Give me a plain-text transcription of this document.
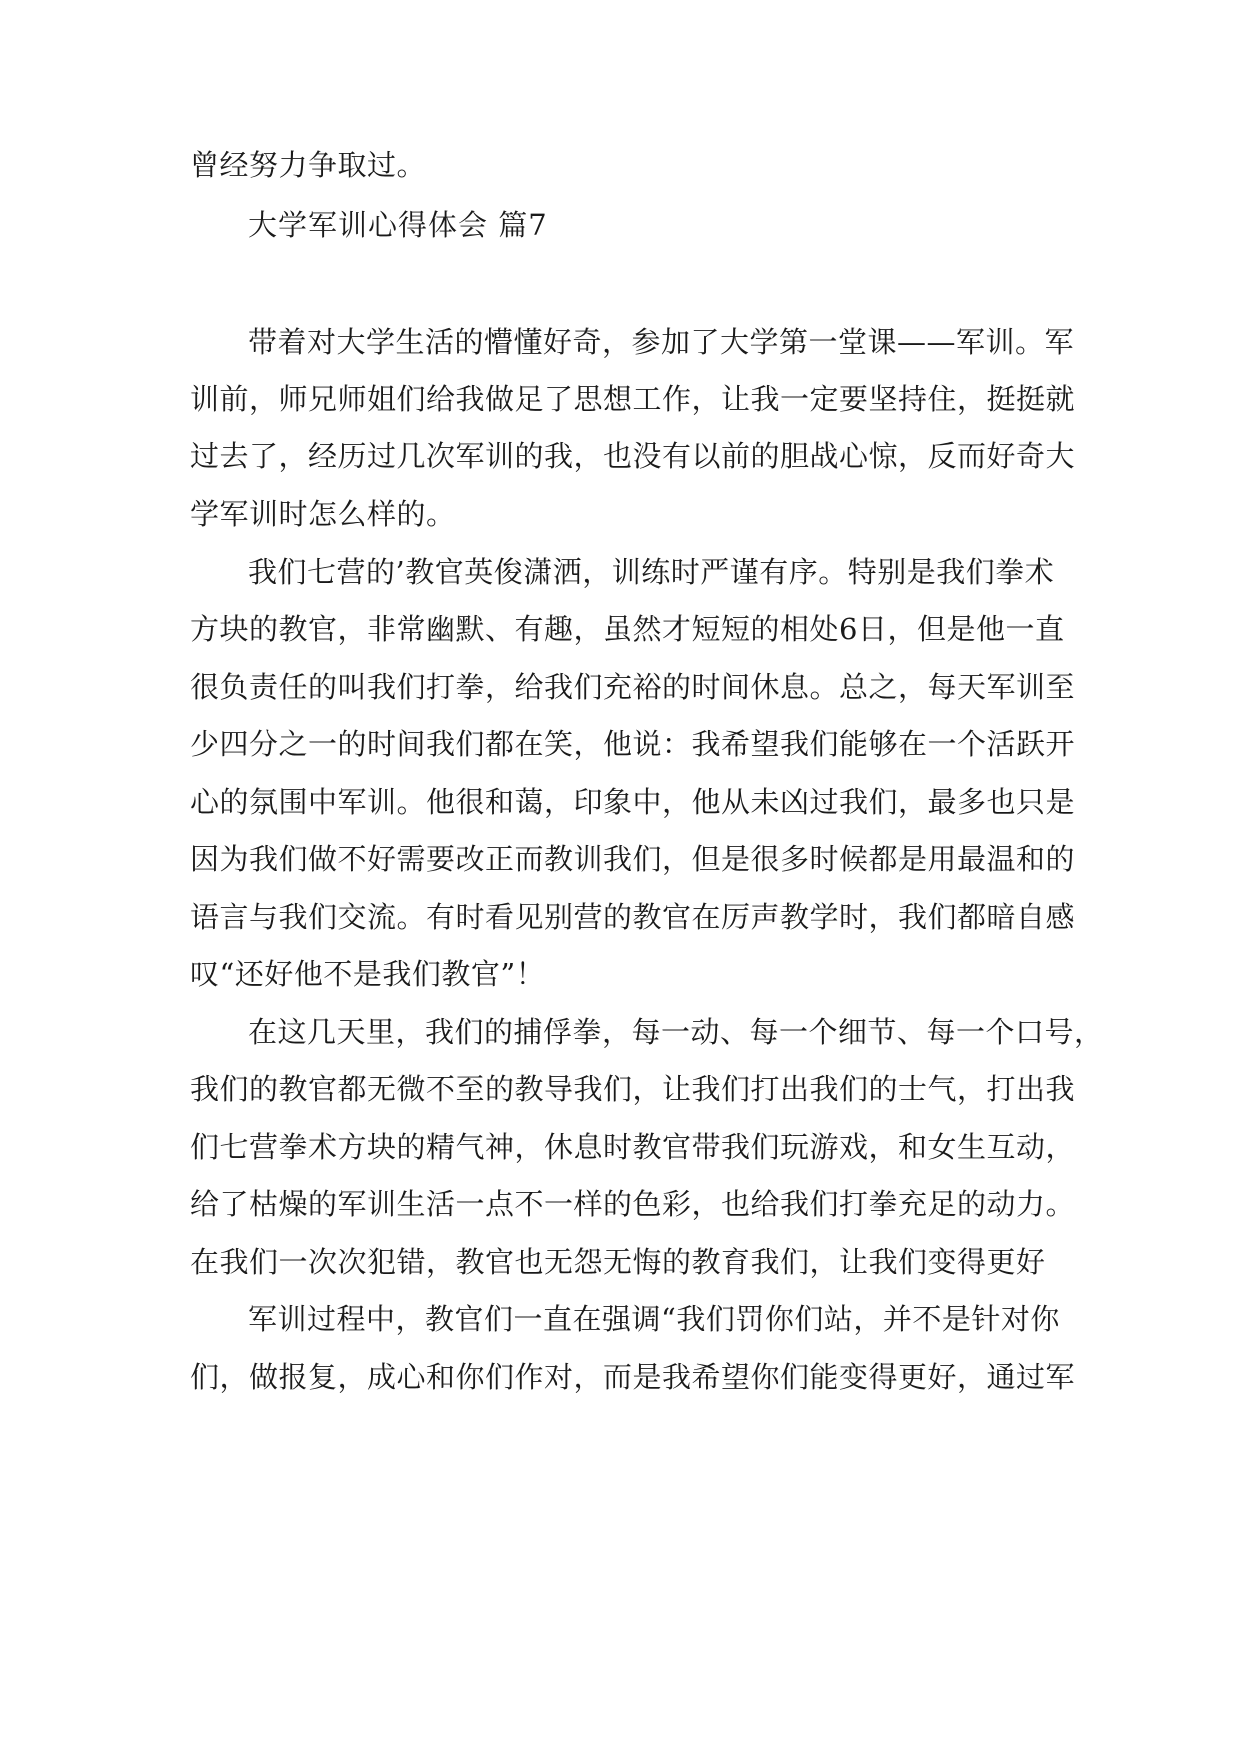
曾经努力争取过。
大学军训心得体会 篇7
带着对大学生活的懵懂好奇，参加了大学第一堂课——军训。军
训前，师兄师姐们给我做足了思想工作，让我一定要坚持住，挺挺就
过去了，经历过几次军训的我，也没有以前的胆战心惊，反而好奇大
学军训时怎么样的。
我们七营的’教官英俊潇洒，训练时严谨有序。特别是我们拳术
方块的教官，非常幽默、有趣，虽然才短短的相处6日，但是他一直
很负责任的叫我们打拳，给我们充裕的时间休息。总之，每天军训至
少四分之一的时间我们都在笑，他说：我希望我们能够在一个活跃开
心的氛围中军训。他很和蔼，印象中，他从未凶过我们，最多也只是
因为我们做不好需要改正而教训我们，但是很多时候都是用最温和的
语言与我们交流。有时看见别营的教官在厉声教学时，我们都暗自感
叹“还好他不是我们教官”！
在这几天里，我们的捕俘拳，每一动、每一个细节、每一个口号，
我们的教官都无微不至的教导我们，让我们打出我们的士气，打出我
们七营拳术方块的精气神，休息时教官带我们玩游戏，和女生互动，
给了枯燥的军训生活一点不一样的色彩，也给我们打拳充足的动力。
在我们一次次犯错，教官也无怨无悔的教育我们，让我们变得更好
军训过程中，教官们一直在强调“我们罚你们站，并不是针对你
们，做报复，成心和你们作对，而是我希望你们能变得更好，通过军
